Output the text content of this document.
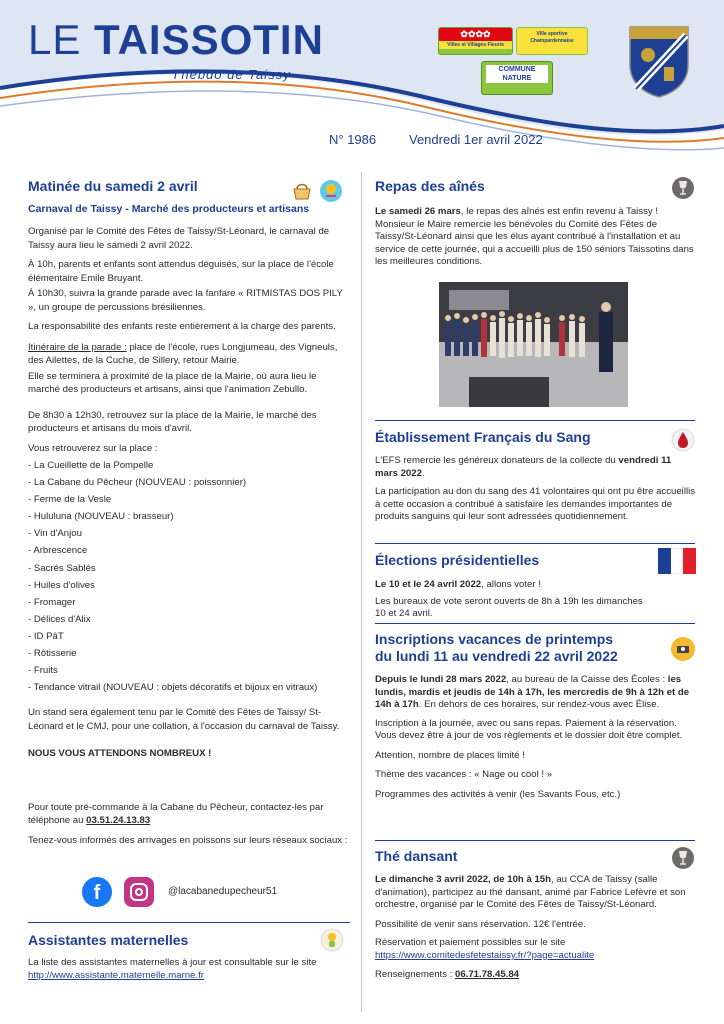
LE TAISSOTIN
l'hebdo de Taissy
✿✿✿✿
Villes et Villages Fleuris
Ville sportive Champardennaise
COMMUNE NATURE
N° 1986	Vendredi 1er avril 2022
Matinée du samedi 2 avril
Carnaval de Taissy - Marché des producteurs et artisans

Organisé par le Comité des Fêtes de Taissy/St-Léonard, le carnaval de Taissy aura lieu le samedi 2 avril 2022.

À 10h, parents et enfants sont attendus déguisés, sur la place de l'école élémentaire Emile Bruyant.

À 10h30, suivra la grande parade avec la fanfare « RITMISTAS DOS PILY », un groupe de percussions brésiliennes.

La responsabilité des enfants reste entièrement à la charge des parents.

Itinéraire de la parade : place de l'école, rues Longjumeau, des Vigneuls, des Ailettes, de la Cuche, de Sillery, retour Mairie.

Elle se terminera à proximité de la place de la Mairie, où aura lieu le marché des producteurs et artisans, ainsi que l'animation Zebullo.

De 8h30 à 12h30, retrouvez sur la place de la Mairie, le marché des producteurs et artisans du mois d'avril.

Vous retrouverez sur la place :

- La Cueillette de la Pompelle
- La Cabane du Pêcheur (NOUVEAU : poissonnier)
- Ferme de la Vesle
- Hululuna (NOUVEAU : brasseur)
- Vin d'Anjou
- Arbrescence
- Sacrés Sablés
- Huiles d'olives
- Fromager
- Délices d'Alix
- ID PâT
- Rôtisserie
- Fruits
- Tendance vitrail (NOUVEAU : objets décoratifs et bijoux en vitraux)

Un stand sera également tenu par le Comité des Fêtes de Taissy/ St-Léonard et le CMJ, pour une collation, à l'occasion du carnaval de Taissy.

NOUS VOUS ATTENDONS NOMBREUX !

Pour toute pré-commande à la Cabane du Pêcheur, contactez-les par téléphone au 03.51.24.13.83

Tenez-vous informés des arrivages en poissons sur leurs réseaux sociaux :

f	@lacabanedupecheur51
Assistantes maternelles

La liste des assistantes maternelles à jour est consultable sur le site http://www.assistante.maternelle.marne.fr

Repas des aînés

Le samedi 26 mars, le repas des aînés est enfin revenu à Taissy ! Monsieur le Maire remercie les bénévoles du Comité des Fêtes de Taissy/St-Léonard ainsi que les élus ayant contribué à l'installation et au service de cette journée, qui a accueilli plus de 150 séniors Taissotins dans les meilleures conditions.

Établissement Français du Sang

L'EFS remercie les généreux donateurs de la collecte du vendredi 11 mars 2022.

La participation au don du sang des 41 volontaires qui ont pu être accueillis à cette occasion a contribué à satisfaire les demandes importantes de produits sanguins qui leur sont adressées quotidiennement.

Élections présidentielles

Le 10 et le 24 avril 2022, allons voter !

Les bureaux de vote seront ouverts de 8h à 19h les dimanches 10 et 24 avril.

Inscriptions vacances de printemps
du lundi 11 au vendredi 22 avril 2022

Depuis le lundi 28 mars 2022, au bureau de la Caisse des Écoles : les lundis, mardis et jeudis de 14h à 17h, les mercredis de 9h à 12h et de 14h à 17h. En dehors de ces horaires, sur rendez-vous avec Élise.

Inscription à la journée, avec ou sans repas. Paiement à la réservation. Vous devez être à jour de vos règlements et le dossier doit être complet.

Attention, nombre de places limité !

Thème des vacances : « Nage ou cool ! »

Programmes des activités à venir (les Savants Fous, etc.)

Thé dansant

Le dimanche 3 avril 2022, de 10h à 15h, au CCA de Taissy (salle d'animation), participez au thé dansant, animé par Fabrice Lefèvre et son orchestre, organisé par le Comité des Fêtes de Taissy/St-Léonard.

Possibilité de venir sans réservation. 12€ l'entrée.

Réservation et paiement possibles sur le site
https://www.comitedesfetestaissy.fr/?page=actualite

Renseignements : 06.71.78.45.84
